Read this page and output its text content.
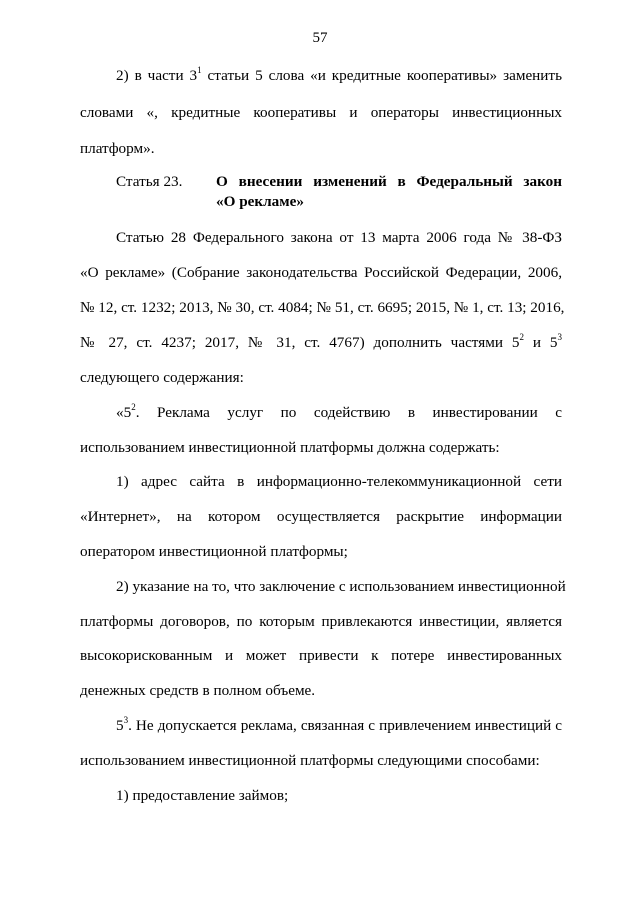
57
2) в части $3^1$ статьи 5 слова «и кредитные кооперативы» заменить
словами «, кредитные кооперативы и операторы инвестиционных
платформ».
Статья 23. О внесении изменений в Федеральный закон
«О рекламе»
Статью 28 Федерального закона от 13 марта 2006 года № 38-ФЗ
«О рекламе» (Собрание законодательства Российской Федерации, 2006,
№ 12, ст. 1232; 2013, № 30, ст. 4084; № 51, ст. 6695; 2015, № 1, ст. 13; 2016,
№ 27, ст. 4237; 2017, № 31, ст. 4767) дополнить частями $5^2$ и $5^3$
следующего содержания:
«$5^2$. Реклама услуг по содействию в инвестировании с
использованием инвестиционной платформы должна содержать:
1) адрес сайта в информационно-телекоммуникационной сети
«Интернет», на котором осуществляется раскрытие информации
оператором инвестиционной платформы;
2) указание на то, что заключение с использованием инвестиционной
платформы договоров, по которым привлекаются инвестиции, является
высокорискованным и может привести к потере инвестированных
денежных средств в полном объеме.
$5^3$. Не допускается реклама, связанная с привлечением инвестиций с
использованием инвестиционной платформы следующими способами:
1) предоставление займов;
